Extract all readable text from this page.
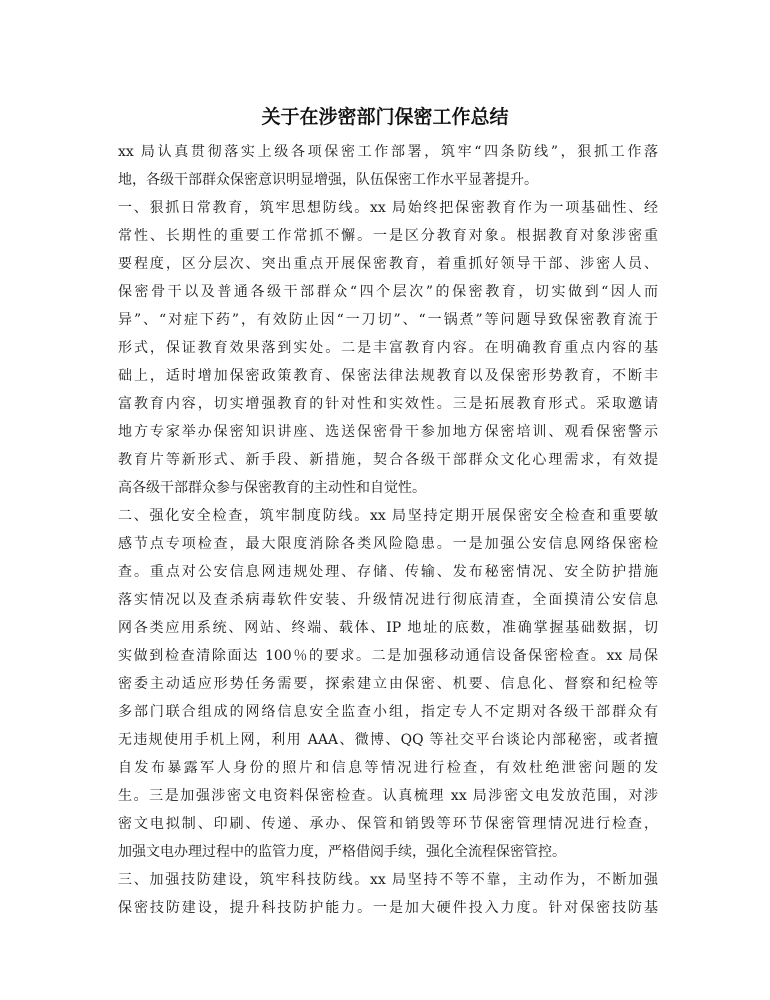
关于在涉密部门保密工作总结
xx 局认真贯彻落实上级各项保密工作部署，筑牢“四条防线”，狠抓工作落
地，各级干部群众保密意识明显增强，队伍保密工作水平显著提升。
一、狠抓日常教育，筑牢思想防线。xx 局始终把保密教育作为一项基础性、经
常性、长期性的重要工作常抓不懈。一是区分教育对象。根据教育对象涉密重
要程度，区分层次、突出重点开展保密教育，着重抓好领导干部、涉密人员、
保密骨干以及普通各级干部群众“四个层次”的保密教育，切实做到“因人而
异”、“对症下药”，有效防止因“一刀切”、“一锅煮”等问题导致保密教育流于
形式，保证教育效果落到实处。二是丰富教育内容。在明确教育重点内容的基
础上，适时增加保密政策教育、保密法律法规教育以及保密形势教育，不断丰
富教育内容，切实增强教育的针对性和实效性。三是拓展教育形式。采取邀请
地方专家举办保密知识讲座、选送保密骨干参加地方保密培训、观看保密警示
教育片等新形式、新手段、新措施，契合各级干部群众文化心理需求，有效提
高各级干部群众参与保密教育的主动性和自觉性。
二、强化安全检查，筑牢制度防线。xx 局坚持定期开展保密安全检查和重要敏
感节点专项检查，最大限度消除各类风险隐患。一是加强公安信息网络保密检
查。重点对公安信息网违规处理、存储、传输、发布秘密情况、安全防护措施
落实情况以及查杀病毒软件安装、升级情况进行彻底清查，全面摸清公安信息
网各类应用系统、网站、终端、载体、IP 地址的底数，准确掌握基础数据，切
实做到检查清除面达 100％的要求。二是加强移动通信设备保密检查。xx 局保
密委主动适应形势任务需要，探索建立由保密、机要、信息化、督察和纪检等
多部门联合组成的网络信息安全监查小组，指定专人不定期对各级干部群众有
无违规使用手机上网，利用 AAA、微博、QQ 等社交平台谈论内部秘密，或者擅
自发布暴露军人身份的照片和信息等情况进行检查，有效杜绝泄密问题的发
生。三是加强涉密文电资料保密检查。认真梳理 xx 局涉密文电发放范围，对涉
密文电拟制、印刷、传递、承办、保管和销毁等环节保密管理情况进行检查，
加强文电办理过程中的监管力度，严格借阅手续，强化全流程保密管控。
三、加强技防建设，筑牢科技防线。xx 局坚持不等不靠，主动作为，不断加强
保密技防建设，提升科技防护能力。一是加大硬件投入力度。针对保密技防基
